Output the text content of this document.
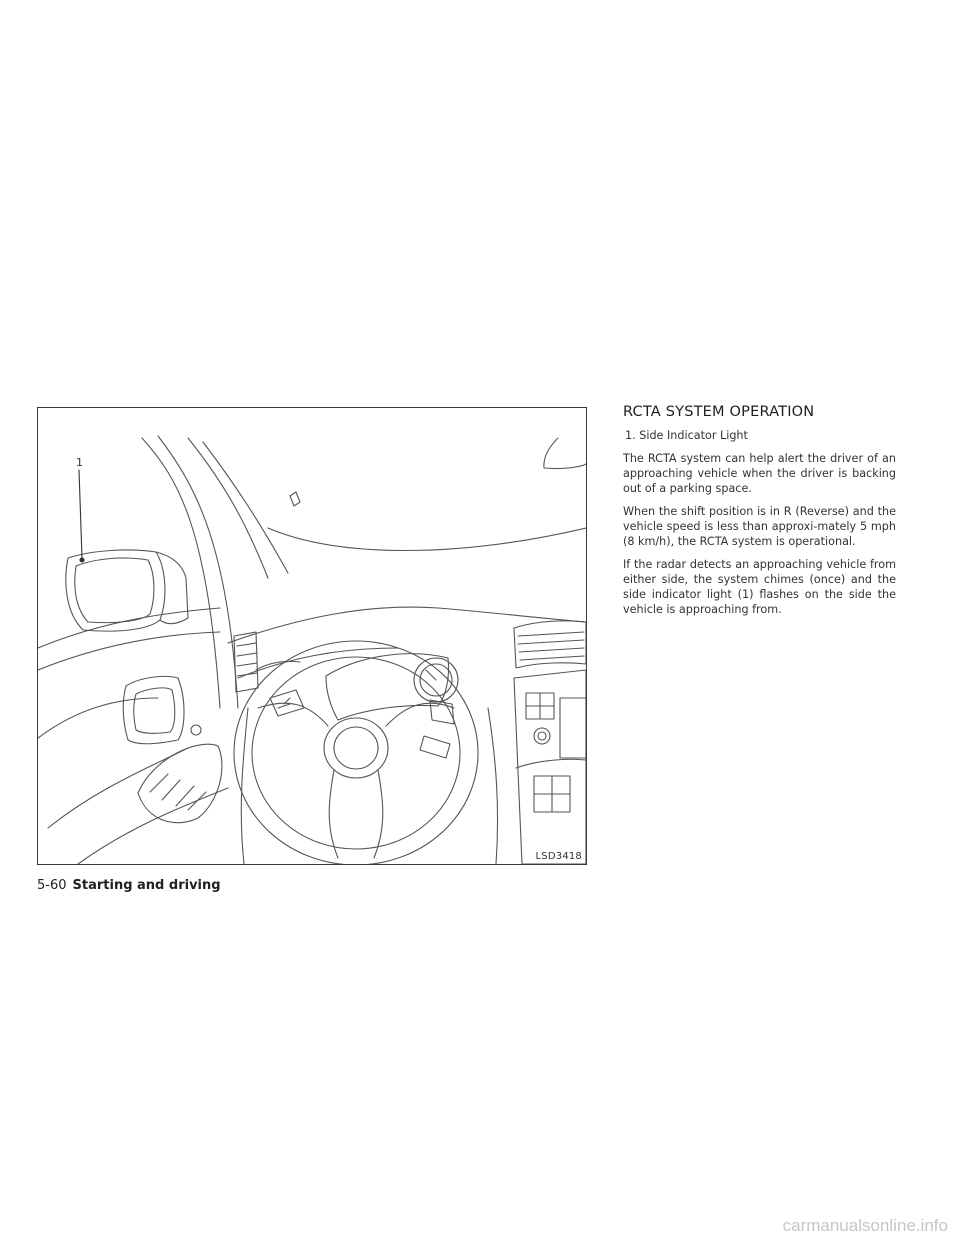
LSD3418
1
RCTA SYSTEM OPERATION

1. Side Indicator Light

The RCTA system can help alert the driver of an approaching vehicle when the driver is backing out of a parking space.

When the shift position is in R (Reverse) and the vehicle speed is less than approxi-mately 5 mph (8 km/h), the RCTA system is operational.

If the radar detects an approaching vehicle from either side, the system chimes (once) and the side indicator light (1) flashes on the side the vehicle is approaching from.

5-60 Starting and driving
carmanualsonline.info
